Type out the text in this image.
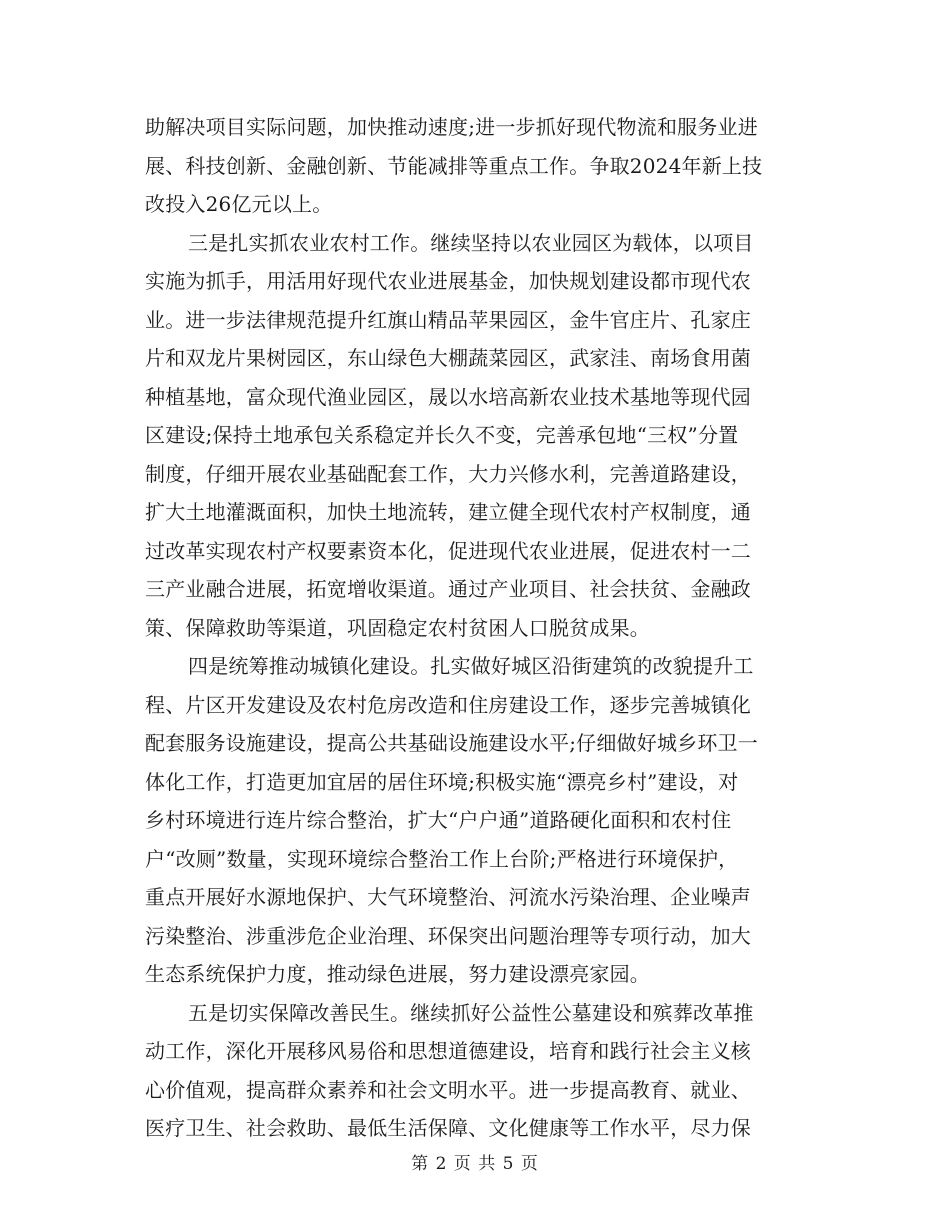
助解决项目实际问题，加快推动速度;进一步抓好现代物流和服务业进
展、科技创新、金融创新、节能减排等重点工作。争取2024年新上技
改投入26亿元以上。
三是扎实抓农业农村工作。继续坚持以农业园区为载体，以项目
实施为抓手，用活用好现代农业进展基金，加快规划建设都市现代农
业。进一步法律规范提升红旗山精品苹果园区，金牛官庄片、孔家庄
片和双龙片果树园区，东山绿色大棚蔬菜园区，武家洼、南场食用菌
种植基地，富众现代渔业园区，晟以水培高新农业技术基地等现代园
区建设;保持土地承包关系稳定并长久不变，完善承包地“三权”分置
制度，仔细开展农业基础配套工作，大力兴修水利，完善道路建设，
扩大土地灌溉面积，加快土地流转，建立健全现代农村产权制度，通
过改革实现农村产权要素资本化，促进现代农业进展，促进农村一二
三产业融合进展，拓宽增收渠道。通过产业项目、社会扶贫、金融政
策、保障救助等渠道，巩固稳定农村贫困人口脱贫成果。
四是统筹推动城镇化建设。扎实做好城区沿街建筑的改貌提升工
程、片区开发建设及农村危房改造和住房建设工作，逐步完善城镇化
配套服务设施建设，提高公共基础设施建设水平;仔细做好城乡环卫一
体化工作，打造更加宜居的居住环境;积极实施“漂亮乡村”建设，对
乡村环境进行连片综合整治，扩大“户户通”道路硬化面积和农村住
户“改厕”数量，实现环境综合整治工作上台阶;严格进行环境保护，
重点开展好水源地保护、大气环境整治、河流水污染治理、企业噪声
污染整治、涉重涉危企业治理、环保突出问题治理等专项行动，加大
生态系统保护力度，推动绿色进展，努力建设漂亮家园。
五是切实保障改善民生。继续抓好公益性公墓建设和殡葬改革推
动工作，深化开展移风易俗和思想道德建设，培育和践行社会主义核
心价值观，提高群众素养和社会文明水平。进一步提高教育、就业、
医疗卫生、社会救助、最低生活保障、文化健康等工作水平，尽力保
第 2 页 共 5 页
